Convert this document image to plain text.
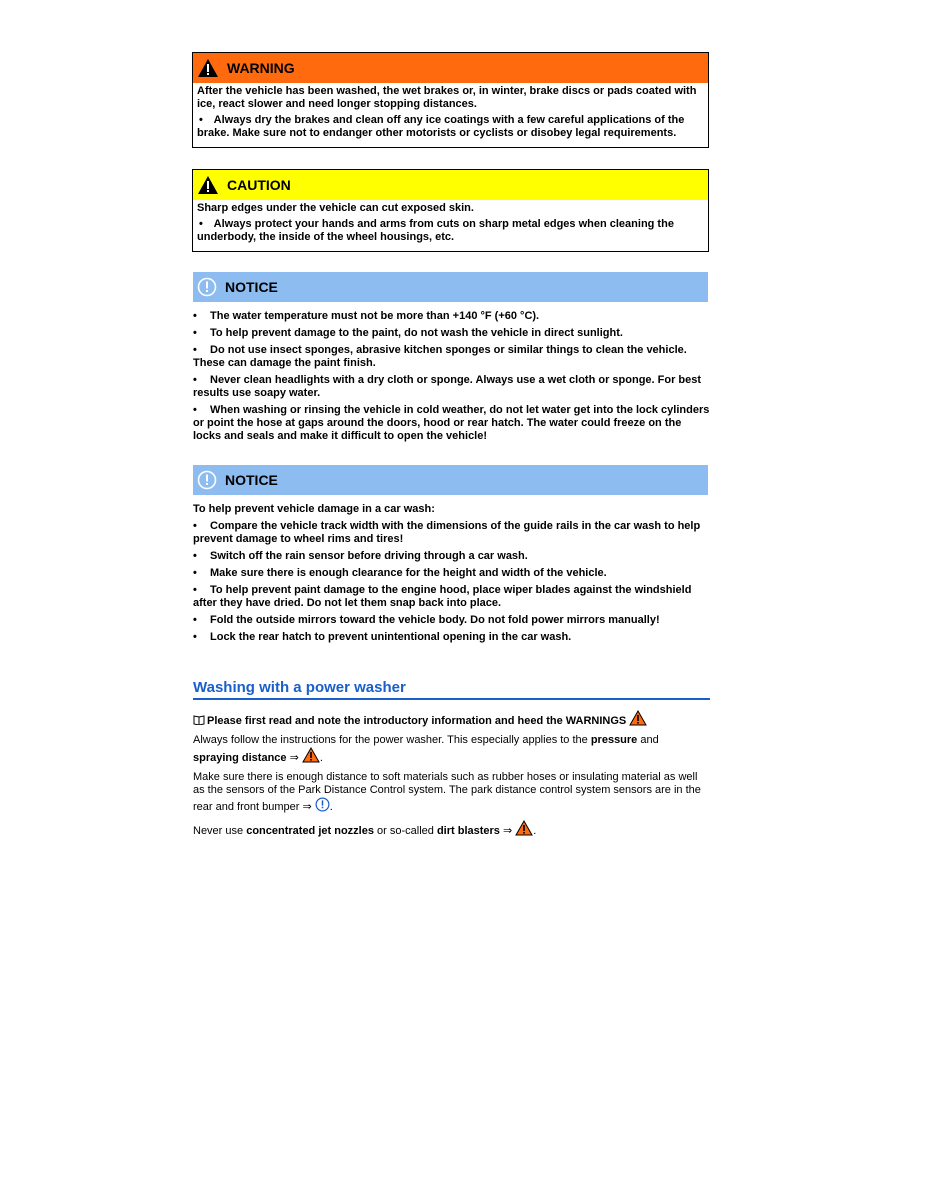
WARNING

After the vehicle has been washed, the wet brakes or, in winter, brake discs or pads coated with ice, react slower and need longer stopping distances.

• Always dry the brakes and clean off any ice coatings with a few careful applications of the brake. Make sure not to endanger other motorists or cyclists or disobey legal requirements.

CAUTION

Sharp edges under the vehicle can cut exposed skin.

• Always protect your hands and arms from cuts on sharp metal edges when cleaning the underbody, the inside of the wheel housings, etc.

NOTICE

• The water temperature must not be more than +140 °F (+60 °C).

• To help prevent damage to the paint, do not wash the vehicle in direct sunlight.

• Do not use insect sponges, abrasive kitchen sponges or similar things to clean the vehicle. These can damage the paint finish.

• Never clean headlights with a dry cloth or sponge. Always use a wet cloth or sponge. For best results use soapy water.

• When washing or rinsing the vehicle in cold weather, do not let water get into the lock cylinders or point the hose at gaps around the doors, hood or rear hatch. The water could freeze on the locks and seals and make it difficult to open the vehicle!

NOTICE

To help prevent vehicle damage in a car wash:

• Compare the vehicle track width with the dimensions of the guide rails in the car wash to help prevent damage to wheel rims and tires!

• Switch off the rain sensor before driving through a car wash.

• Make sure there is enough clearance for the height and width of the vehicle.

• To help prevent paint damage to the engine hood, place wiper blades against the windshield after they have dried. Do not let them snap back into place.

• Fold the outside mirrors toward the vehicle body. Do not fold power mirrors manually!

• Lock the rear hatch to prevent unintentional opening in the car wash.

Washing with a power washer

Please first read and note the introductory information and heed the WARNINGS

Always follow the instructions for the power washer. This especially applies to the pressure and
spraying distance ⇒ .

Make sure there is enough distance to soft materials such as rubber hoses or insulating material as well as the sensors of the Park Distance Control system. The park distance control system sensors are in the rear and front bumper ⇒ .

Never use concentrated jet nozzles or so-called dirt blasters ⇒ .
